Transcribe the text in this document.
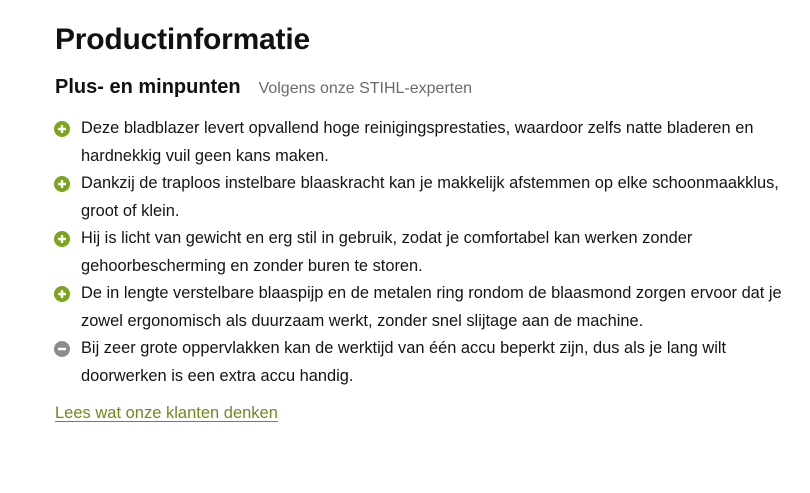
Productinformatie
Plus- en minpunten Volgens onze STIHL-experten
Deze bladblazer levert opvallend hoge reinigingsprestaties, waardoor zelfs natte bladeren en hardnekkig vuil geen kans maken.
Dankzij de traploos instelbare blaaskracht kan je makkelijk afstemmen op elke schoonmaakklus, groot of klein.
Hij is licht van gewicht en erg stil in gebruik, zodat je comfortabel kan werken zonder gehoorbescherming en zonder buren te storen.
De in lengte verstelbare blaaspijp en de metalen ring rondom de blaasmond zorgen ervoor dat je zowel ergonomisch als duurzaam werkt, zonder snel slijtage aan de machine.
Bij zeer grote oppervlakken kan de werktijd van één accu beperkt zijn, dus als je lang wilt doorwerken is een extra accu handig.
Lees wat onze klanten denken
